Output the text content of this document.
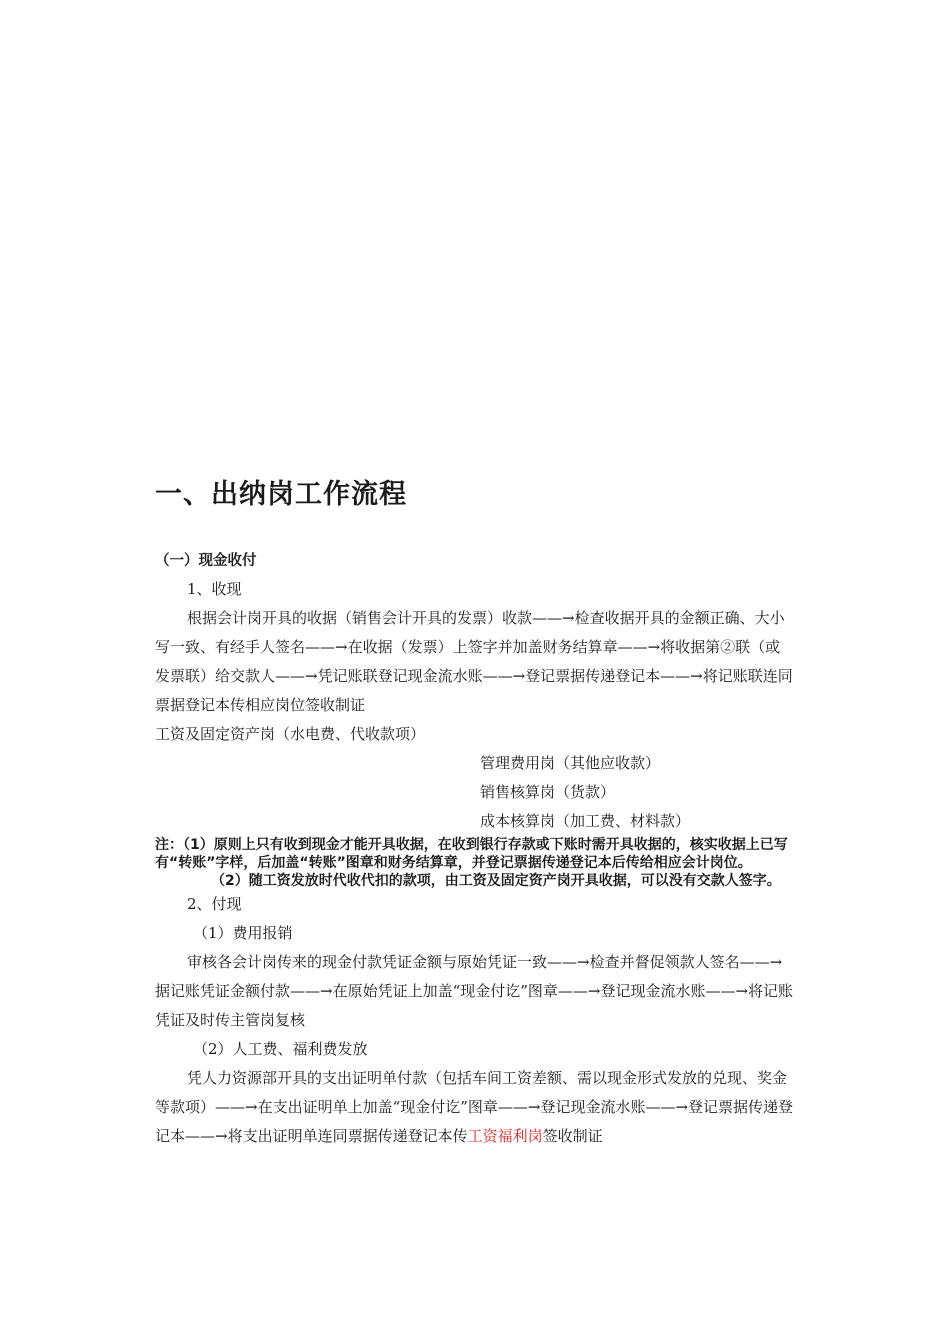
一、出纳岗工作流程

（一）现金收付

1、收现

根据会计岗开具的收据（销售会计开具的发票）收款——→检查收据开具的金额正确、大小写一致、有经手人签名——→在收据（发票）上签字并加盖财务结算章——→将收据第②联（或发票联）给交款人——→凭记账联登记现金流水账——→登记票据传递登记本——→将记账联连同票据登记本传相应岗位签收制证

工资及固定资产岗（水电费、代收款项）

管理费用岗（其他应收款）

销售核算岗（货款）

成本核算岗（加工费、材料款）

注：（1）原则上只有收到现金才能开具收据，在收到银行存款或下账时需开具收据的，核实收据上已写有“转账”字样，后加盖“转账”图章和财务结算章，并登记票据传递登记本后传给相应会计岗位。

（2）随工资发放时代收代扣的款项，由工资及固定资产岗开具收据，可以没有交款人签字。

2、付现

（1）费用报销

审核各会计岗传来的现金付款凭证金额与原始凭证一致——→检查并督促领款人签名——→据记账凭证金额付款——→在原始凭证上加盖“现金付讫”图章——→登记现金流水账——→将记账凭证及时传主管岗复核

（2）人工费、福利费发放

凭人力资源部开具的支出证明单付款（包括车间工资差额、需以现金形式发放的兑现、奖金等款项）——→在支出证明单上加盖“现金付讫”图章——→登记现金流水账——→登记票据传递登记本——→将支出证明单连同票据传递登记本传工资福利岗签收制证
